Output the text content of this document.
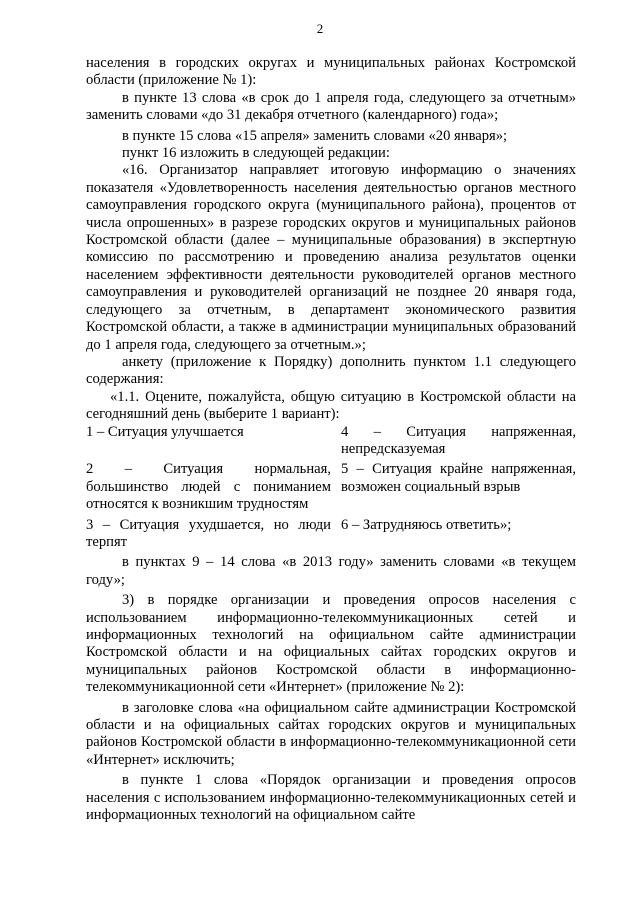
2

населения в городских округах и муниципальных районах Костромской области (приложение № 1):

в пункте 13 слова «в срок до 1 апреля года, следующего за отчетным» заменить словами «до 31 декабря отчетного (календарного) года»;

в пункте 15 слова «15 апреля» заменить словами «20 января»;

пункт 16 изложить в следующей редакции:

«16. Организатор направляет итоговую информацию о значениях показателя «Удовлетворенность населения деятельностью органов местного самоуправления городского округа (муниципального района), процентов от числа опрошенных» в разрезе городских округов и муниципальных районов Костромской области (далее – муниципальные образования) в экспертную комиссию по рассмотрению и проведению анализа результатов оценки населением эффективности деятельности руководителей органов местного самоуправления и руководителей организаций не позднее 20 января года, следующего за отчетным, в департамент экономического развития Костромской области, а также в администрации муниципальных образований до 1 апреля года, следующего за отчетным.»;

анкету (приложение к Порядку) дополнить пунктом 1.1 следующего содержания:

«1.1. Оцените, пожалуйста, общую ситуацию в Костромской области на сегодняшний день (выберите 1 вариант):

1 – Ситуация улучшается	4 – Ситуация напряженная, непредсказуемая
2 – Ситуация нормальная, большинство людей с пониманием относятся к возникшим трудностям
5 – Ситуация крайне напряженная, возможен социальный взрыв
3 – Ситуация ухудшается, но люди терпят
6 – Затрудняюсь ответить»;

в пунктах 9 – 14 слова «в 2013 году» заменить словами «в текущем году»;

3) в порядке организации и проведения опросов населения с использованием информационно-телекоммуникационных сетей и информационных технологий на официальном сайте администрации Костромской области и на официальных сайтах городских округов и муниципальных районов Костромской области в информационно-телекоммуникационной сети «Интернет» (приложение № 2):

в заголовке слова «на официальном сайте администрации Костромской области и на официальных сайтах городских округов и муниципальных районов Костромской области в информационно-телекоммуникационной сети «Интернет» исключить;

в пункте 1 слова «Порядок организации и проведения опросов населения с использованием информационно-телекоммуникационных сетей и информационных технологий на официальном сайте
